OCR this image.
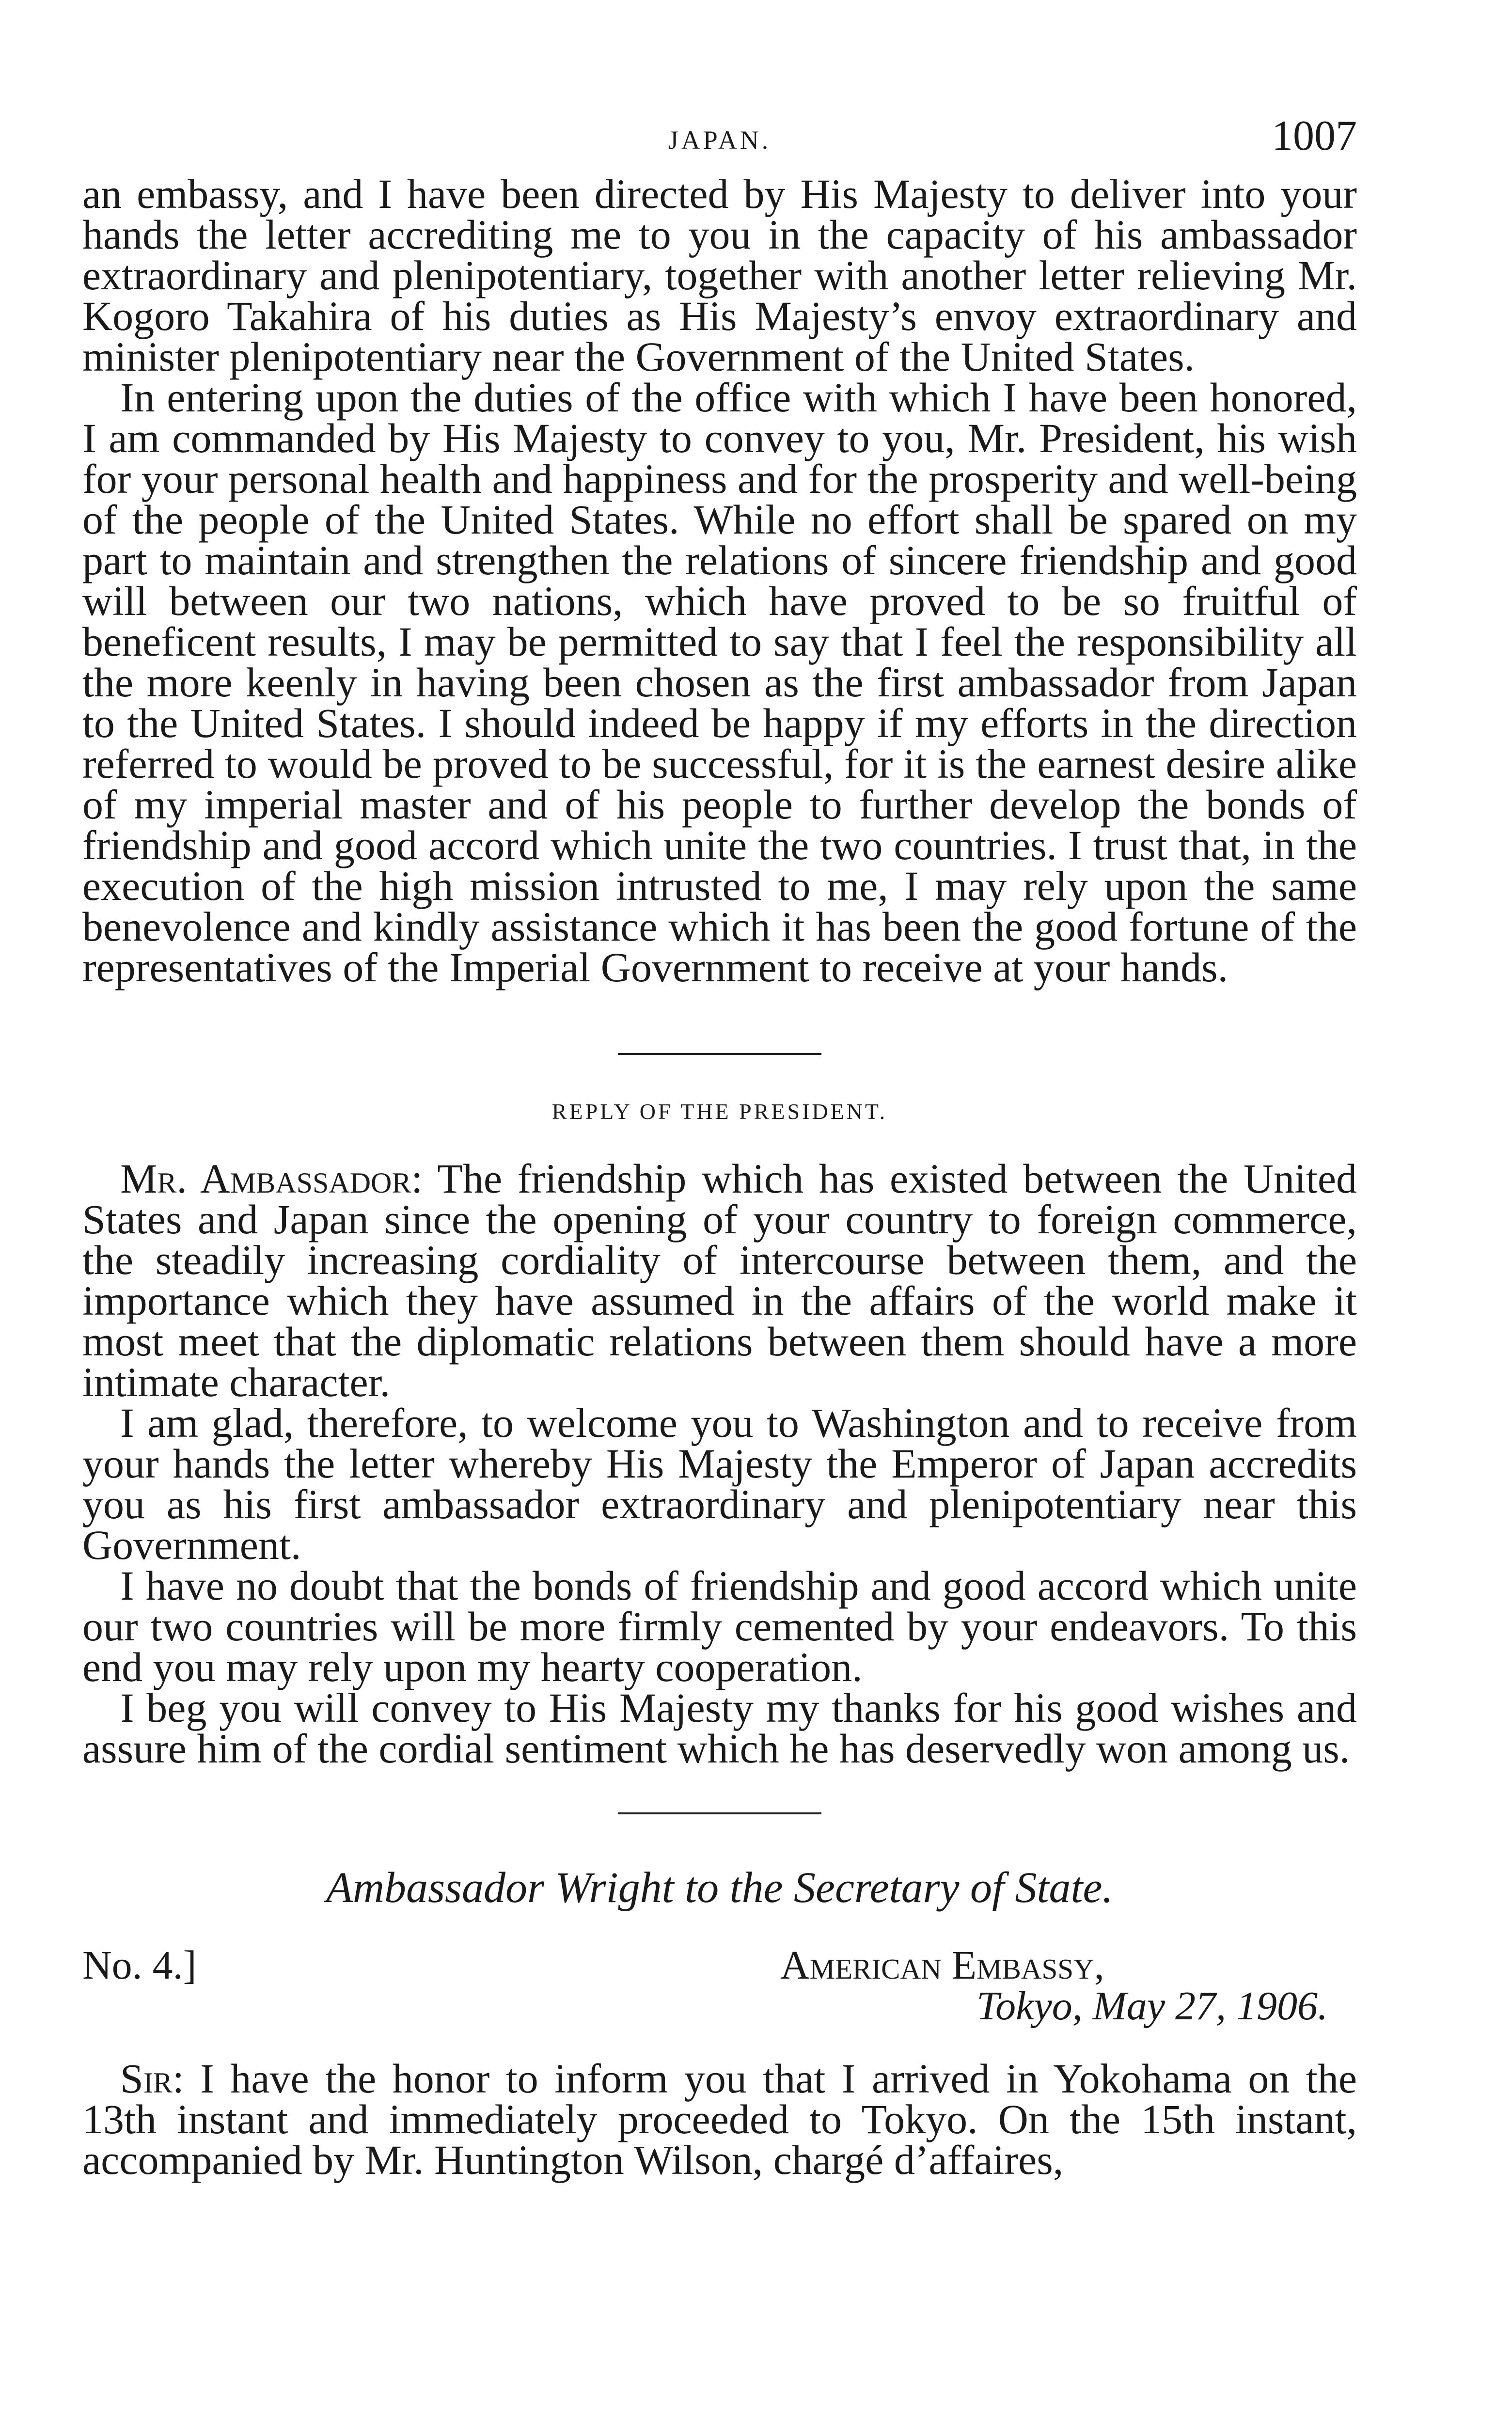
JAPAN.	1007

an embassy, and I have been directed by His Majesty to deliver into your hands the letter accrediting me to you in the capacity of his ambassador extraordinary and plenipotentiary, together with another letter relieving Mr. Kogoro Takahira of his duties as His Majesty’s envoy extraordinary and minister plenipotentiary near the Government of the United States.

In entering upon the duties of the office with which I have been honored, I am commanded by His Majesty to convey to you, Mr. President, his wish for your personal health and happiness and for the prosperity and well-being of the people of the United States. While no effort shall be spared on my part to maintain and strengthen the relations of sincere friendship and good will between our two nations, which have proved to be so fruitful of beneficent results, I may be permitted to say that I feel the responsibility all the more keenly in having been chosen as the first ambassador from Japan to the United States. I should indeed be happy if my efforts in the direction referred to would be proved to be successful, for it is the earnest desire alike of my imperial master and of his people to further develop the bonds of friendship and good accord which unite the two countries. I trust that, in the execution of the high mission intrusted to me, I may rely upon the same benevolence and kindly assistance which it has been the good fortune of the representatives of the Imperial Government to receive at your hands.

REPLY OF THE PRESIDENT.

Mr. Ambassador: The friendship which has existed between the United States and Japan since the opening of your country to foreign commerce, the steadily increasing cordiality of intercourse between them, and the importance which they have assumed in the affairs of the world make it most meet that the diplomatic relations between them should have a more intimate character.

I am glad, therefore, to welcome you to Washington and to receive from your hands the letter whereby His Majesty the Emperor of Japan accredits you as his first ambassador extraordinary and plenipotentiary near this Government.

I have no doubt that the bonds of friendship and good accord which unite our two countries will be more firmly cemented by your endeavors. To this end you may rely upon my hearty cooperation.

I beg you will convey to His Majesty my thanks for his good wishes and assure him of the cordial sentiment which he has deservedly won among us.

Ambassador Wright to the Secretary of State.

No. 4.]	American Embassy,
Tokyo, May 27, 1906.

Sir: I have the honor to inform you that I arrived in Yokohama on the 13th instant and immediately proceeded to Tokyo. On the 15th instant, accompanied by Mr. Huntington Wilson, chargé d’affaires,
